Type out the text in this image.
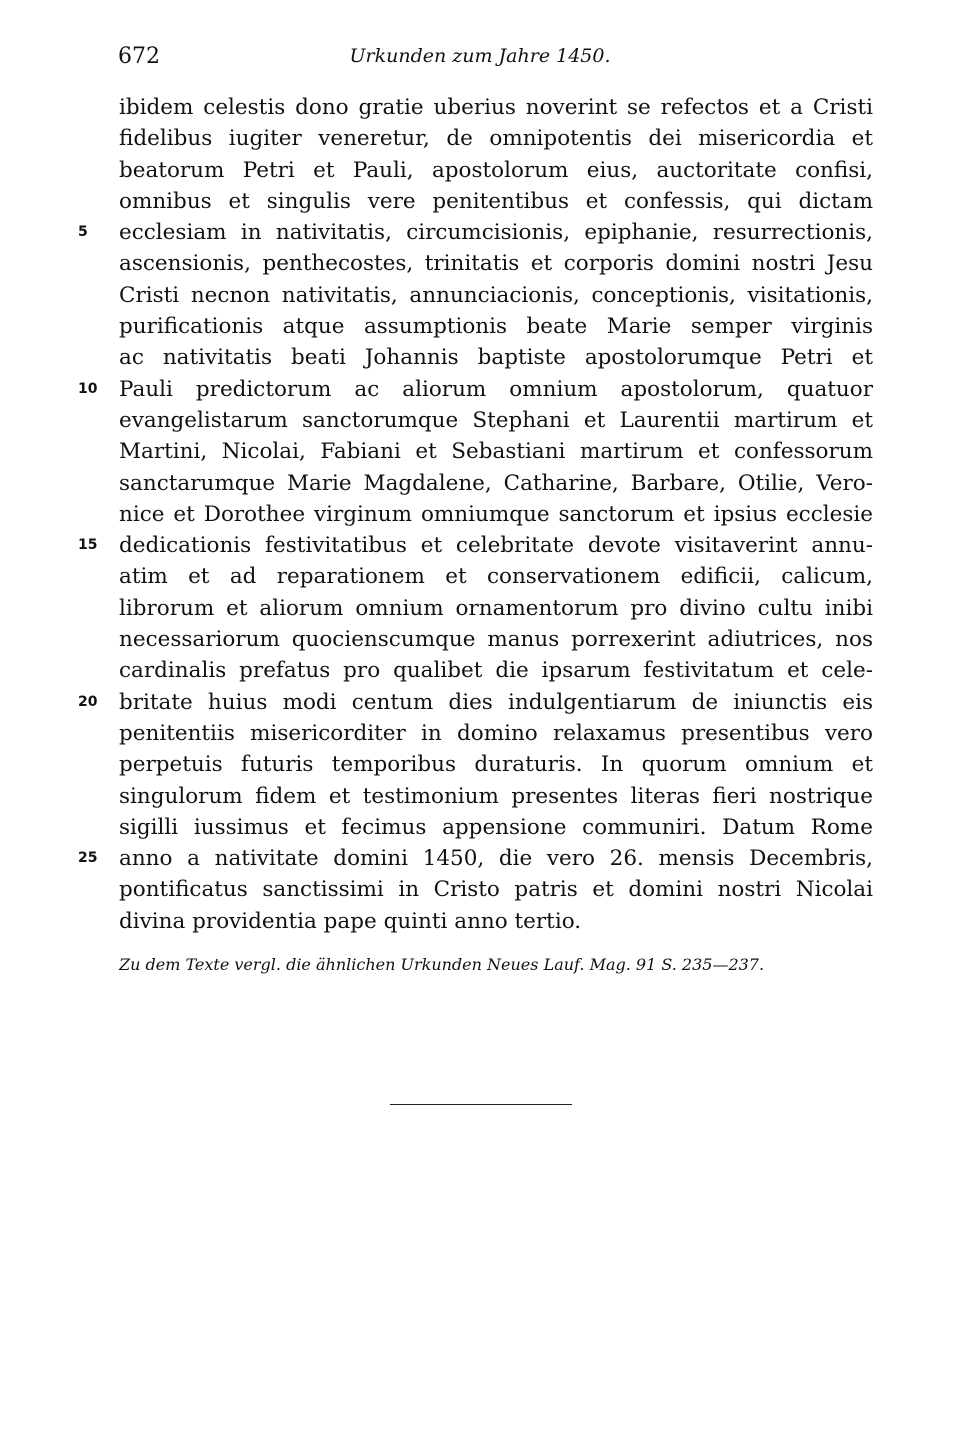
672	Urkunden zum Jahre 1450.
ibidem celestis dono gratie uberius noverint se refectos et a Cristi
fidelibus iugiter veneretur, de omnipotentis dei misericordia et
beatorum Petri et Pauli, apostolorum eius, auctoritate confisi,
omnibus et singulis vere penitentibus et confessis, qui dictam
5	ecclesiam in nativitatis, circumcisionis, epiphanie, resurrectionis,
ascensionis, penthecostes, trinitatis et corporis domini nostri Jesu
Cristi necnon nativitatis, annunciacionis, conceptionis, visitationis,
purificationis atque assumptionis beate Marie semper virginis
ac nativitatis beati Johannis baptiste apostolorumque Petri et
10	Pauli predictorum ac aliorum omnium apostolorum, quatuor
evangelistarum sanctorumque Stephani et Laurentii martirum et
Martini, Nicolai, Fabiani et Sebastiani martirum et confessorum
sanctarumque Marie Magdalene, Catharine, Barbare, Otilie, Vero-
nice et Dorothee virginum omniumque sanctorum et ipsius ecclesie
15	dedicationis festivitatibus et celebritate devote visitaverint annu-
atim et ad reparationem et conservationem edificii, calicum,
librorum et aliorum omnium ornamentorum pro divino cultu inibi
necessariorum quocienscumque manus porrexerint adiutrices, nos
cardinalis prefatus pro qualibet die ipsarum festivitatum et cele-
20	britate huius modi centum dies indulgentiarum de iniunctis eis
penitentiis misericorditer in domino relaxamus presentibus vero
perpetuis futuris temporibus duraturis. In quorum omnium et
singulorum fidem et testimonium presentes literas fieri nostrique
sigilli iussimus et fecimus appensione communiri. Datum Rome
25	anno a nativitate domini 1450, die vero 26. mensis Decembris,
pontificatus sanctissimi in Cristo patris et domini nostri Nicolai
divina providentia pape quinti anno tertio.
Zu dem Texte vergl. die ähnlichen Urkunden Neues Lauf. Mag. 91 S. 235—237.
